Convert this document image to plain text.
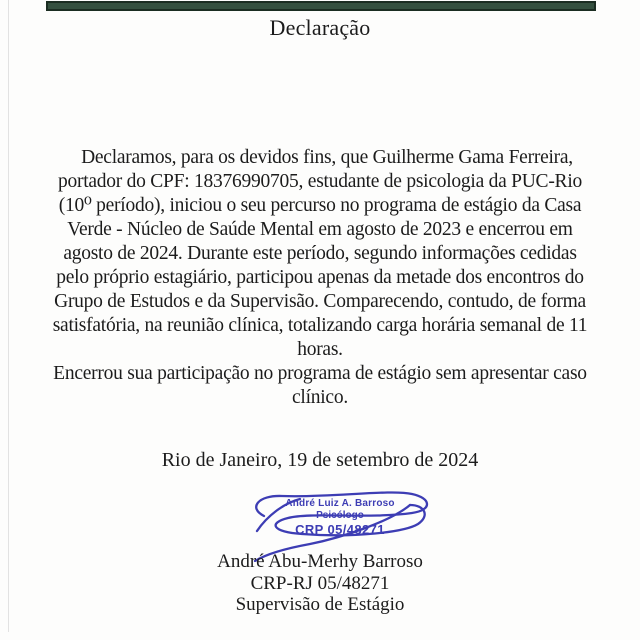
Declaração
Declaramos, para os devidos fins, que Guilherme Gama Ferreira,
portador do CPF: 18376990705, estudante de psicologia da PUC-Rio
(10⁰ período), iniciou o seu percurso no programa de estágio da Casa
Verde - Núcleo de Saúde Mental em agosto de 2023 e encerrou em
agosto de 2024. Durante este período, segundo informações cedidas
pelo próprio estagiário, participou apenas da metade dos encontros do
Grupo de Estudos e da Supervisão. Comparecendo, contudo, de forma
satisfatória, na reunião clínica, totalizando carga horária semanal de 11
horas.
Encerrou sua participação no programa de estágio sem apresentar caso
clínico.
Rio de Janeiro, 19 de setembro de 2024
André Luiz A. Barroso
Psicólogo
CRP 05/48271
André Abu-Merhy Barroso
CRP-RJ 05/48271
Supervisão de Estágio
